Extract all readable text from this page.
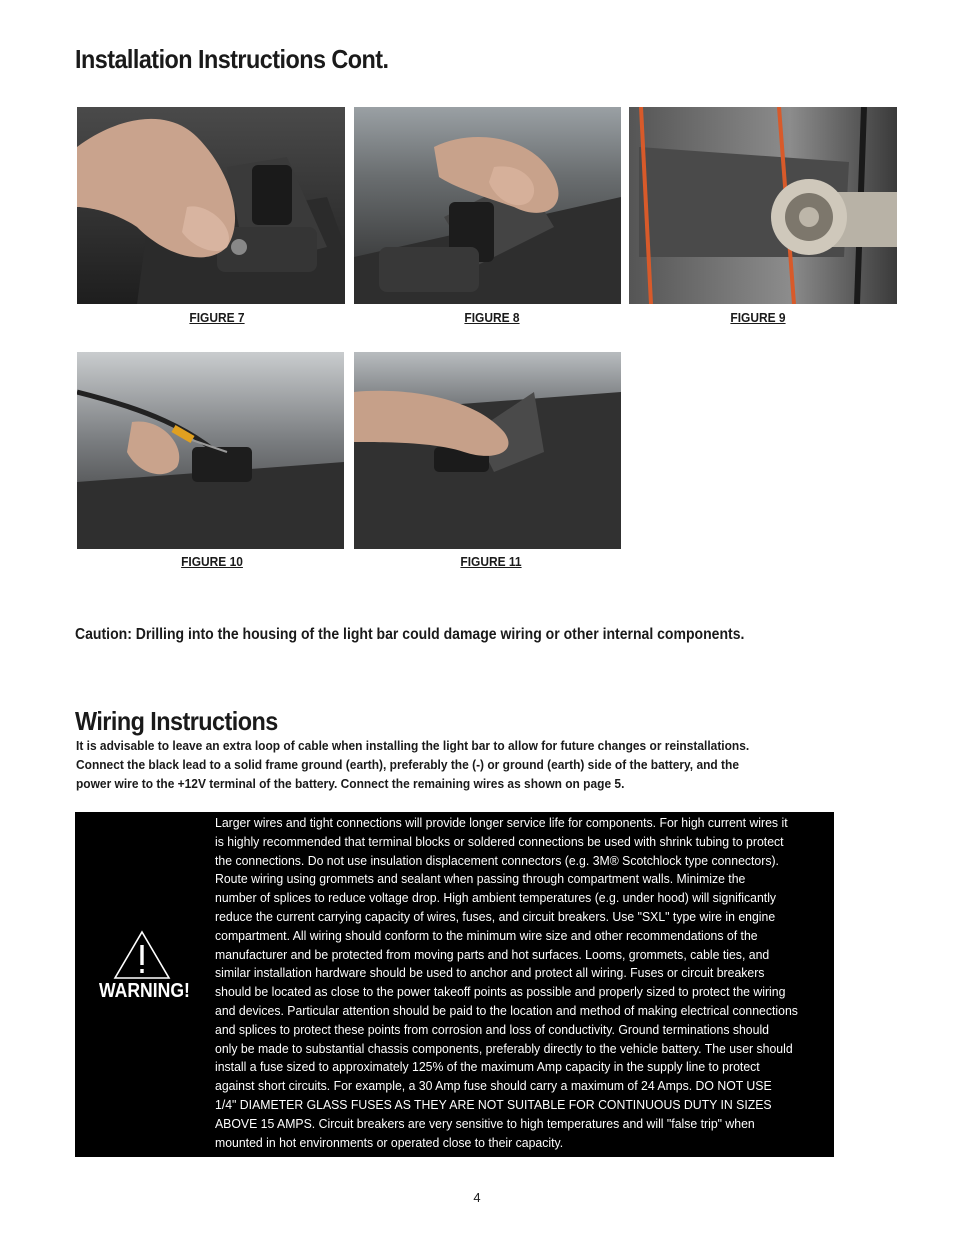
Installation Instructions Cont.
FIGURE 7	FIGURE 8	FIGURE 9
FIGURE 10	FIGURE 11
Caution: Drilling into the housing of the light bar could damage wiring or other internal components.
Wiring Instructions

It is advisable to leave an extra loop of cable when installing the light bar to allow for future changes or reinstallations.

Connect the black lead to a solid frame ground (earth), preferably the (-) or ground (earth) side of the battery, and the

power wire to the +12V terminal of the battery. Connect the remaining wires as shown on page 5.

WARNING!
Larger wires and tight connections will provide longer service life for components. For high current wires it
is highly recommended that terminal blocks or soldered connections be used with shrink tubing to protect
the connections. Do not use insulation displacement connectors (e.g. 3M® Scotchlock type connectors).
Route wiring using grommets and sealant when passing through compartment walls. Minimize the
number of splices to reduce voltage drop. High ambient temperatures (e.g. under hood) will significantly
reduce the current carrying capacity of wires, fuses, and circuit breakers. Use "SXL" type wire in engine
compartment. All wiring should conform to the minimum wire size and other recommendations of the
manufacturer and be protected from moving parts and hot surfaces. Looms, grommets, cable ties, and
similar installation hardware should be used to anchor and protect all wiring. Fuses or circuit breakers
should be located as close to the power takeoff points as possible and properly sized to protect the wiring
and devices. Particular attention should be paid to the location and method of making electrical connections
and splices to protect these points from corrosion and loss of conductivity. Ground terminations should
only be made to substantial chassis components, preferably directly to the vehicle battery. The user should
install a fuse sized to approximately 125% of the maximum Amp capacity in the supply line to protect
against short circuits. For example, a 30 Amp fuse should carry a maximum of 24 Amps. DO NOT USE
1/4" DIAMETER GLASS FUSES AS THEY ARE NOT SUITABLE FOR CONTINUOUS DUTY IN SIZES
ABOVE 15 AMPS. Circuit breakers are very sensitive to high temperatures and will "false trip" when
mounted in hot environments or operated close to their capacity.
4
